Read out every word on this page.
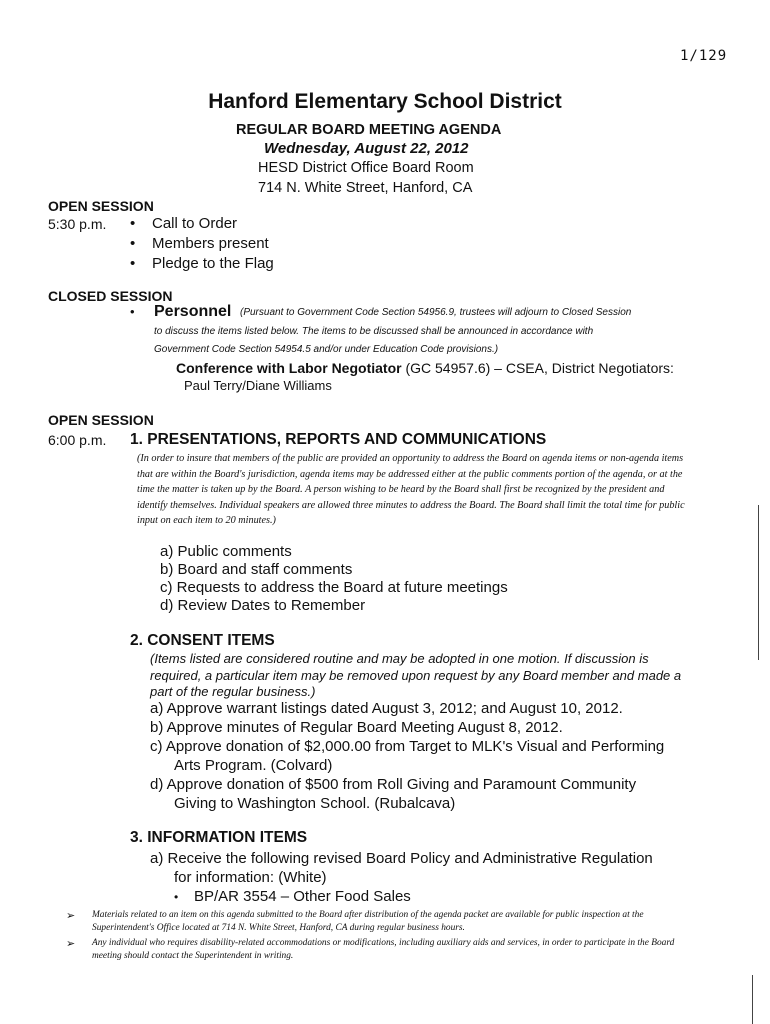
1/129
Hanford Elementary School District
REGULAR BOARD MEETING AGENDA
Wednesday, August 22, 2012
HESD District Office Board Room
714 N. White Street, Hanford, CA
OPEN SESSION
5:30 p.m. • Call to Order
• Members present
• Pledge to the Flag
CLOSED SESSION
• Personnel (Pursuant to Government Code Section 54956.9, trustees will adjourn to Closed Session
to discuss the items listed below. The items to be discussed shall be announced in accordance with
Government Code Section 54954.5 and/or under Education Code provisions.)
Conference with Labor Negotiator (GC 54957.6) – CSEA, District Negotiators:
Paul Terry/Diane Williams
OPEN SESSION
6:00 p.m. 1. PRESENTATIONS, REPORTS AND COMMUNICATIONS
(In order to insure that members of the public are provided an opportunity to address the Board on agenda items or non-agenda items that are within the Board's jurisdiction, agenda items may be addressed either at the public comments portion of the agenda, or at the time the matter is taken up by the Board. A person wishing to be heard by the Board shall first be recognized by the president and identify themselves. Individual speakers are allowed three minutes to address the Board. The Board shall limit the total time for public input on each item to 20 minutes.)
a) Public comments
b) Board and staff comments
c) Requests to address the Board at future meetings
d) Review Dates to Remember
2. CONSENT ITEMS
(Items listed are considered routine and may be adopted in one motion. If discussion is required, a particular item may be removed upon request by any Board member and made a part of the regular business.)
a) Approve warrant listings dated August 3, 2012; and August 10, 2012.
b) Approve minutes of Regular Board Meeting August 8, 2012.
c) Approve donation of $2,000.00 from Target to MLK's Visual and Performing
Arts Program. (Colvard)
d) Approve donation of $500 from Roll Giving and Paramount Community
Giving to Washington School. (Rubalcava)
3. INFORMATION ITEMS
a) Receive the following revised Board Policy and Administrative Regulation
for information: (White)
• BP/AR 3554 – Other Food Sales
➢ Materials related to an item on this agenda submitted to the Board after distribution of the agenda packet are available for public inspection at the Superintendent's Office located at 714 N. White Street, Hanford, CA during regular business hours.
➢ Any individual who requires disability-related accommodations or modifications, including auxiliary aids and services, in order to participate in the Board meeting should contact the Superintendent in writing.
